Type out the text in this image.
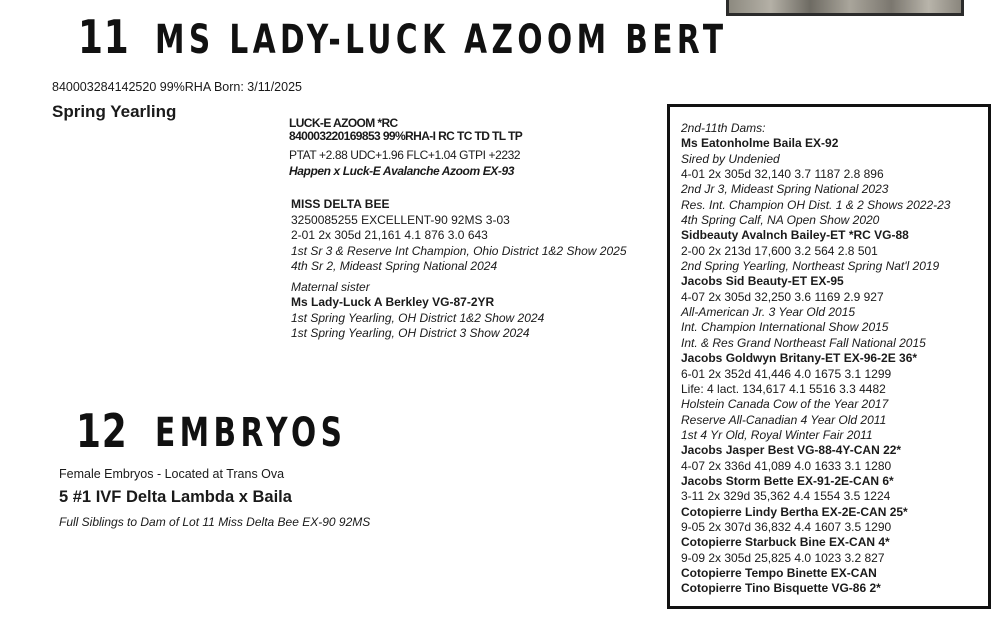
11 MS LADY-LUCK AZOOM BERT
840003284142520 99%RHA Born: 3/11/2025
Spring Yearling
LUCK-E AZOOM *RC
840003220169853 99%RHA-I RC TC TD TL TP
PTAT +2.88 UDC+1.96 FLC+1.04 GTPI +2232
Happen x Luck-E Avalanche Azoom EX-93
MISS DELTA BEE
3250085255 EXCELLENT-90 92MS 3-03
2-01 2x 305d 21,161 4.1 876 3.0 643
1st Sr 3 & Reserve Int Champion, Ohio District 1&2 Show 2025
4th Sr 2, Mideast Spring National 2024
Maternal sister
Ms Lady-Luck A Berkley VG-87-2YR
1st Spring Yearling, OH District 1&2 Show 2024
1st Spring Yearling, OH District 3 Show 2024
12 EMBRYOS
Female Embryos - Located at Trans Ova
5 #1 IVF Delta Lambda x Baila
Full Siblings to Dam of Lot 11 Miss Delta Bee EX-90 92MS
2nd-11th Dams:
Ms Eatonholme Baila EX-92
Sired by Undenied
4-01 2x 305d 32,140 3.7 1187 2.8 896
2nd Jr 3, Mideast Spring National 2023
Res. Int. Champion OH Dist. 1 & 2 Shows 2022-23
4th Spring Calf, NA Open Show 2020
Sidbeauty Avalnch Bailey-ET *RC VG-88
2-00 2x 213d 17,600 3.2 564 2.8 501
2nd Spring Yearling, Northeast Spring Nat'l 2019
Jacobs Sid Beauty-ET EX-95
4-07 2x 305d 32,250 3.6 1169 2.9 927
All-American Jr. 3 Year Old 2015
Int. Champion International Show 2015
Int. & Res Grand Northeast Fall National 2015
Jacobs Goldwyn Britany-ET EX-96-2E 36*
6-01 2x 352d 41,446 4.0 1675 3.1 1299
Life: 4 lact. 134,617 4.1 5516 3.3 4482
Holstein Canada Cow of the Year 2017
Reserve All-Canadian 4 Year Old 2011
1st 4 Yr Old, Royal Winter Fair 2011
Jacobs Jasper Best VG-88-4Y-CAN 22*
4-07 2x 336d 41,089 4.0 1633 3.1 1280
Jacobs Storm Bette EX-91-2E-CAN 6*
3-11 2x 329d 35,362 4.4 1554 3.5 1224
Cotopierre Lindy Bertha EX-2E-CAN 25*
9-05 2x 307d 36,832 4.4 1607 3.5 1290
Cotopierre Starbuck Bine EX-CAN 4*
9-09 2x 305d 25,825 4.0 1023 3.2 827
Cotopierre Tempo Binette EX-CAN
Cotopierre Tino Bisquette VG-86 2*
